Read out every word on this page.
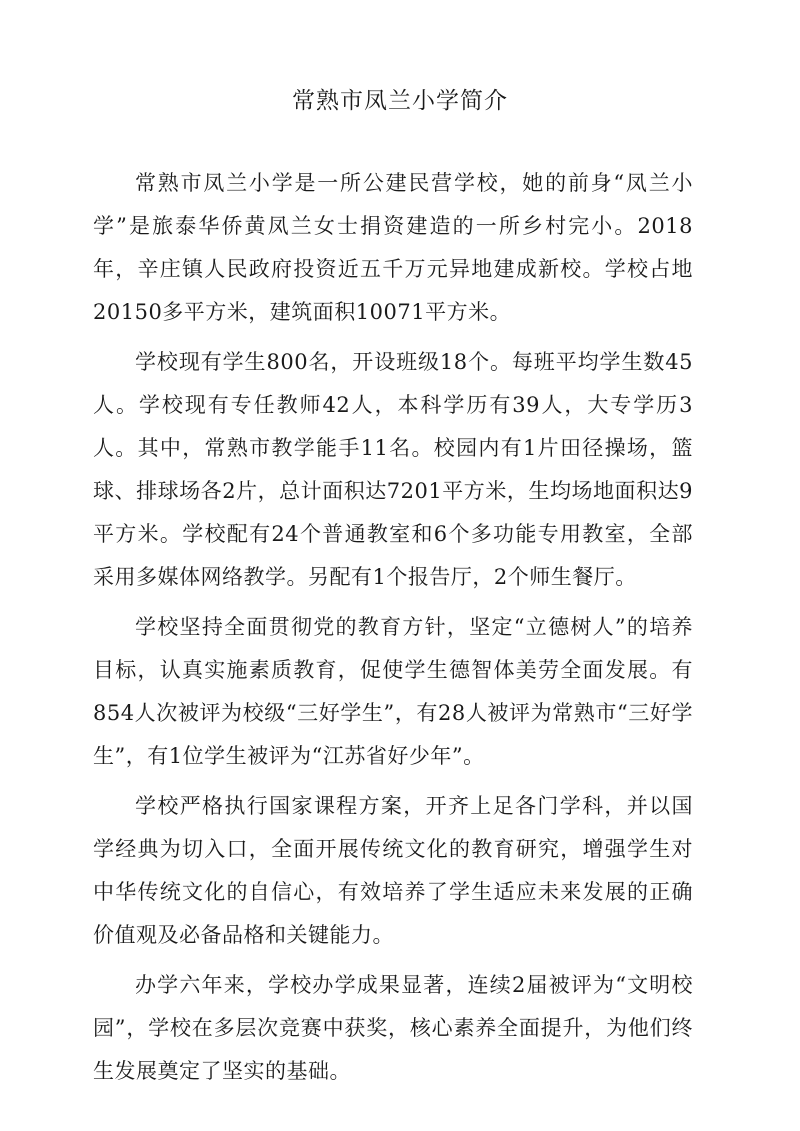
常熟市凤兰小学简介

常熟市凤兰小学是一所公建民营学校，她的前身“凤兰小学”是旅泰华侨黄凤兰女士捐资建造的一所乡村完小。2018年，辛庄镇人民政府投资近五千万元异地建成新校。学校占地20150多平方米，建筑面积10071平方米。

学校现有学生800名，开设班级18个。每班平均学生数45人。学校现有专任教师42人，本科学历有39人，大专学历3人。其中，常熟市教学能手11名。校园内有1片田径操场，篮球、排球场各2片，总计面积达7201平方米，生均场地面积达9平方米。学校配有24个普通教室和6个多功能专用教室，全部采用多媒体网络教学。另配有1个报告厅，2个师生餐厅。

学校坚持全面贯彻党的教育方针，坚定“立德树人”的培养目标，认真实施素质教育，促使学生德智体美劳全面发展。有854人次被评为校级“三好学生”，有28人被评为常熟市“三好学生”，有1位学生被评为“江苏省好少年”。

学校严格执行国家课程方案，开齐上足各门学科，并以国学经典为切入口，全面开展传统文化的教育研究，增强学生对中华传统文化的自信心，有效培养了学生适应未来发展的正确价值观及必备品格和关键能力。

办学六年来，学校办学成果显著，连续2届被评为“文明校园”，学校在多层次竞赛中获奖，核心素养全面提升，为他们终生发展奠定了坚实的基础。
